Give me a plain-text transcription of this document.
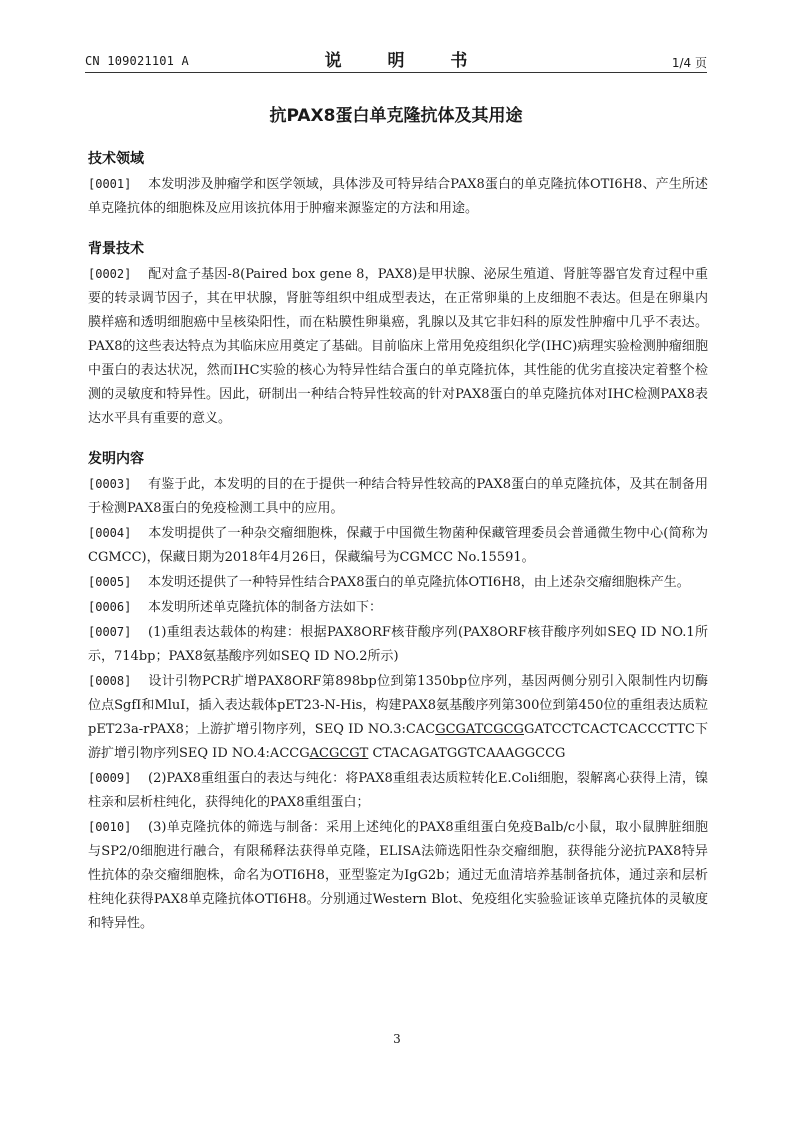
CN 109021101 A	说 明 书	1/4 页
抗PAX8蛋白单克隆抗体及其用途
技术领域

[0001] 本发明涉及肿瘤学和医学领域，具体涉及可特异结合PAX8蛋白的单克隆抗体OTI6H8、产生所述单克隆抗体的细胞株及应用该抗体用于肿瘤来源鉴定的方法和用途。

背景技术

[0002] 配对盒子基因-8(Paired box gene 8，PAX8)是甲状腺、泌尿生殖道、肾脏等器官发育过程中重要的转录调节因子，其在甲状腺，肾脏等组织中组成型表达，在正常卵巢的上皮细胞不表达。但是在卵巢内膜样癌和透明细胞癌中呈核染阳性，而在粘膜性卵巢癌，乳腺以及其它非妇科的原发性肿瘤中几乎不表达。PAX8的这些表达特点为其临床应用奠定了基础。目前临床上常用免疫组织化学(IHC)病理实验检测肿瘤细胞中蛋白的表达状况，然而IHC实验的核心为特异性结合蛋白的单克隆抗体，其性能的优劣直接决定着整个检测的灵敏度和特异性。因此，研制出一种结合特异性较高的针对PAX8蛋白的单克隆抗体对IHC检测PAX8表达水平具有重要的意义。

发明内容

[0003] 有鉴于此，本发明的目的在于提供一种结合特异性较高的PAX8蛋白的单克隆抗体，及其在制备用于检测PAX8蛋白的免疫检测工具中的应用。

[0004] 本发明提供了一种杂交瘤细胞株，保藏于中国微生物菌种保藏管理委员会普通微生物中心(简称为CGMCC)，保藏日期为2018年4月26日，保藏编号为CGMCC No.15591。

[0005] 本发明还提供了一种特异性结合PAX8蛋白的单克隆抗体OTI6H8，由上述杂交瘤细胞株产生。

[0006] 本发明所述单克隆抗体的制备方法如下：

[0007] (1)重组表达载体的构建：根据PAX8ORF核苷酸序列(PAX8ORF核苷酸序列如SEQ ID NO.1所示，714bp；PAX8氨基酸序列如SEQ ID NO.2所示)

[0008] 设计引物PCR扩增PAX8ORF第898bp位到第1350bp位序列，基因两侧分别引入限制性内切酶位点SgfI和MluI，插入表达载体pET23-N-His，构建PAX8氨基酸序列第300位到第450位的重组表达质粒pET23a-rPAX8；上游扩增引物序列，SEQ ID NO.3:CACGCGATCGCGGATCCTCACTCACCCTTC下游扩增引物序列SEQ ID NO.4:ACCGACGCGT CTACAGATGGTCAAAGGCCG

[0009] (2)PAX8重组蛋白的表达与纯化：将PAX8重组表达质粒转化E.Coli细胞，裂解离心获得上清，镍柱亲和层析柱纯化，获得纯化的PAX8重组蛋白；

[0010] (3)单克隆抗体的筛选与制备：采用上述纯化的PAX8重组蛋白免疫Balb/c小鼠，取小鼠脾脏细胞与SP2/0细胞进行融合，有限稀释法获得单克隆，ELISA法筛选阳性杂交瘤细胞，获得能分泌抗PAX8特异性抗体的杂交瘤细胞株，命名为OTI6H8，亚型鉴定为IgG2b；通过无血清培养基制备抗体，通过亲和层析柱纯化获得PAX8单克隆抗体OTI6H8。分别通过Western Blot、免疫组化实验验证该单克隆抗体的灵敏度和特异性。

3
